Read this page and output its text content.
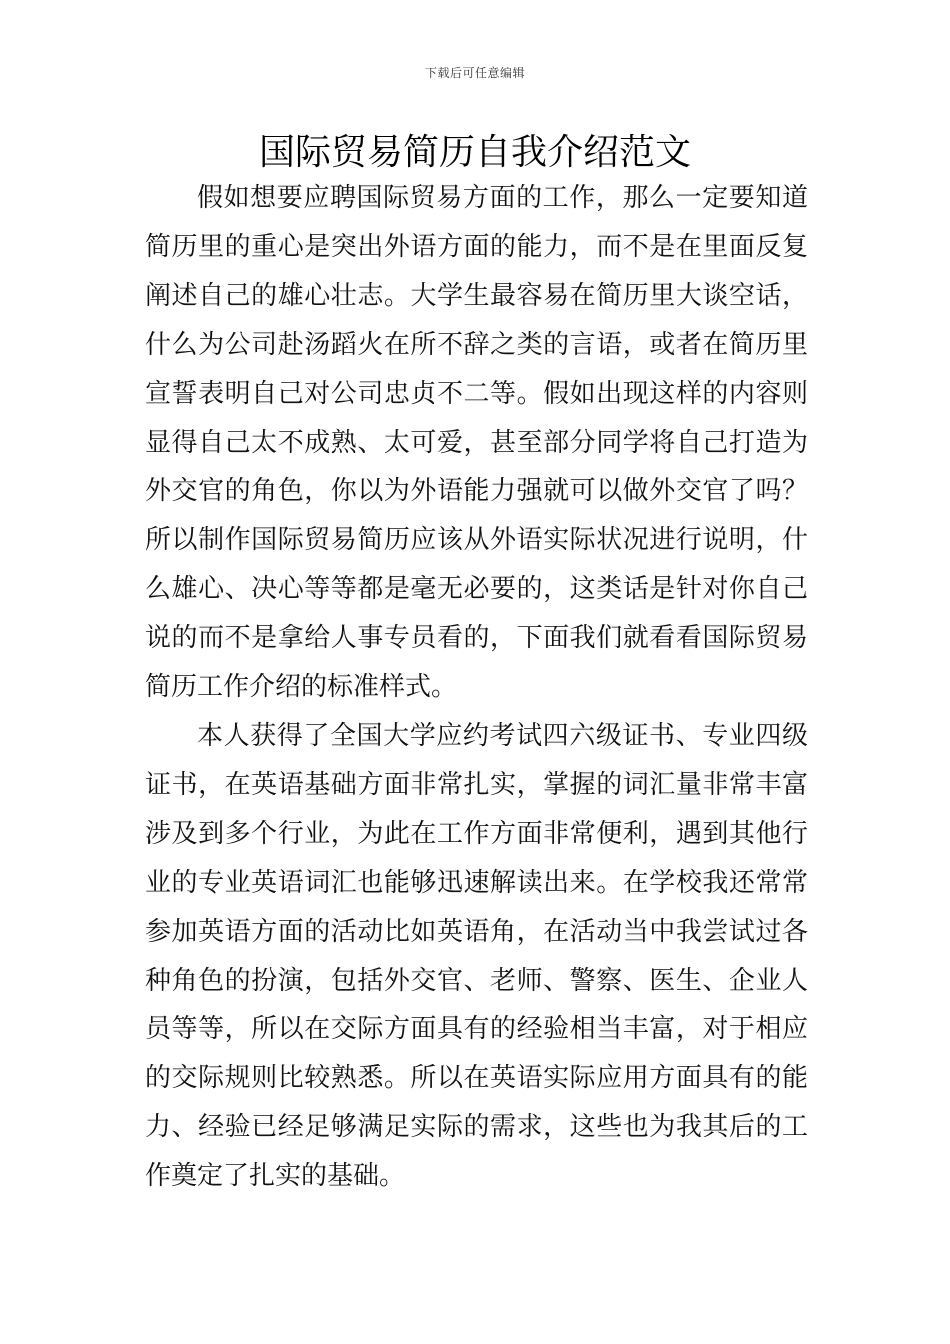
下载后可任意编辑
国际贸易简历自我介绍范文

假如想要应聘国际贸易方面的工作，那么一定要知道简历里的重心是突出外语方面的能力，而不是在里面反复阐述自己的雄心壮志。大学生最容易在简历里大谈空话，什么为公司赴汤蹈火在所不辞之类的言语，或者在简历里宣誓表明自己对公司忠贞不二等。假如出现这样的内容则显得自己太不成熟、太可爱，甚至部分同学将自己打造为外交官的角色，你以为外语能力强就可以做外交官了吗？所以制作国际贸易简历应该从外语实际状况进行说明，什么雄心、决心等等都是毫无必要的，这类话是针对你自己说的而不是拿给人事专员看的，下面我们就看看国际贸易简历工作介绍的标准样式。

本人获得了全国大学应约考试四六级证书、专业四级证书，在英语基础方面非常扎实，掌握的词汇量非常丰富涉及到多个行业，为此在工作方面非常便利，遇到其他行业的专业英语词汇也能够迅速解读出来。在学校我还常常参加英语方面的活动比如英语角，在活动当中我尝试过各种角色的扮演，包括外交官、老师、警察、医生、企业人员等等，所以在交际方面具有的经验相当丰富，对于相应的交际规则比较熟悉。所以在英语实际应用方面具有的能力、经验已经足够满足实际的需求，这些也为我其后的工作奠定了扎实的基础。
